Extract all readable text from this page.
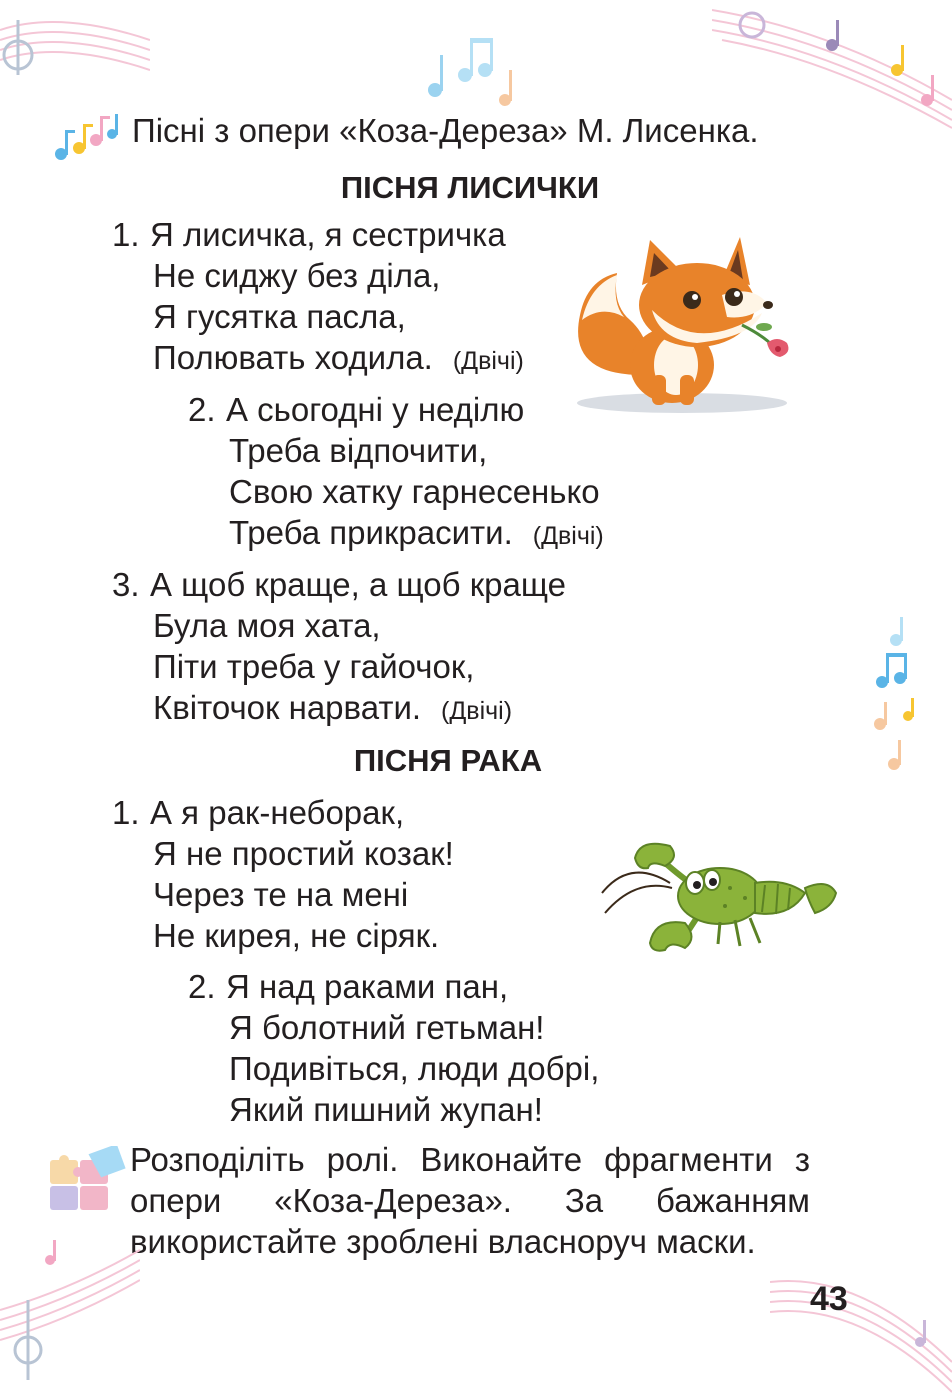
Пісні з опери «Коза-Дереза» М. Лисенка.
ПІСНЯ ЛИСИЧКИ
1. Я лисичка, я сестричка
Не сиджу без діла,
Я гусятка пасла,
Полювать ходила. (Двічі)
2. А сьогодні у неділю
Треба відпочити,
Свою хатку гарнесенько
Треба прикрасити. (Двічі)
3. А щоб краще, а щоб краще
Була моя хата,
Піти треба у гайочок,
Квіточок нарвати. (Двічі)
ПІСНЯ РАКА
1. А я рак-неборак,
Я не простий козак!
Через те на мені
Не кирея, не сіряк.
2. Я над раками пан,
Я болотний гетьман!
Подивіться, люди добрі,
Який пишний жупан!
Розподіліть ролі. Виконайте фрагменти з опери «Коза-Дереза». За бажанням використайте зроблені власноруч маски.
43
